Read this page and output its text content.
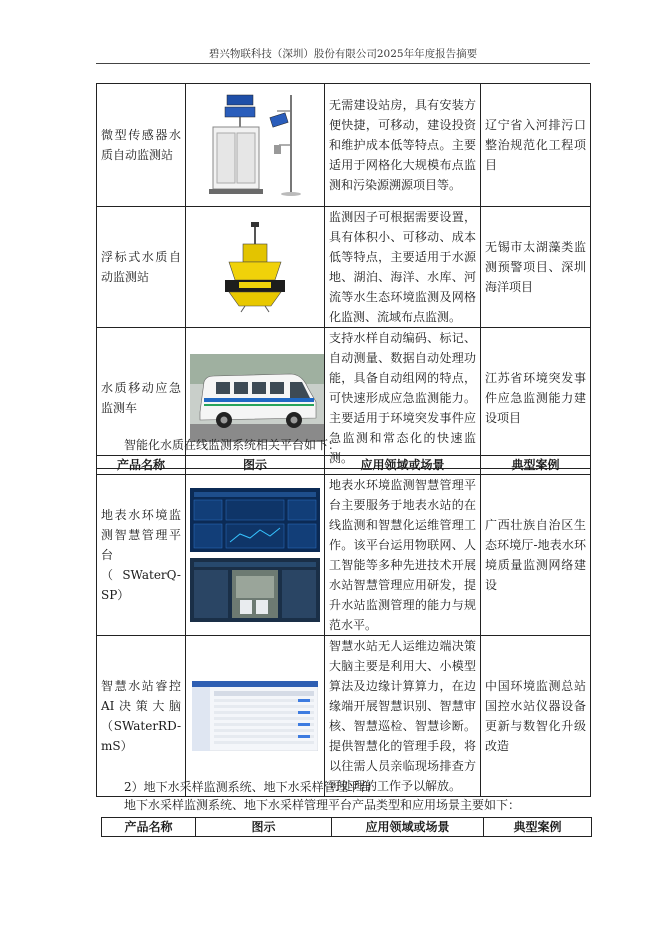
碧兴物联科技（深圳）股份有限公司2025年年度报告摘要
微型传感器水质自动监测站		无需建设站房，具有安装方便快捷，可移动，建设投资和维护成本低等特点。主要适用于网格化大规模布点监测和污染源溯源项目等。	辽宁省入河排污口整治规范化工程项目
浮标式水质自动监测站		监测因子可根据需要设置，具有体积小、可移动、成本低等特点，主要适用于水源地、湖泊、海洋、水库、河流等水生态环境监测及网格化监测、流域布点监测。	无锡市太湖藻类监测预警项目、深圳海洋项目
水质移动应急监测车		支持水样自动编码、标记、自动测量、数据自动处理功能，具备自动组网的特点，可快速形成应急监测能力。主要适用于环境突发事件应急监测和常态化的快速监测。	江苏省环境突发事件应急监测能力建设项目
智能化水质在线监测系统相关平台如下：
产品名称	图示	应用领域或场景	典型案例
地表水环境监测智慧管理平台（SWaterQ-SP）		地表水环境监测智慧管理平台主要服务于地表水站的在线监测和智慧化运维管理工作。该平台运用物联网、人工智能等多种先进技术开展水站智慧管理应用研发，提升水站监测管理的能力与规范水平。	广西壮族自治区生态环境厅-地表水环境质量监测网络建设
智慧水站睿控AI决策大脑（SWaterRD-mS）		智慧水站无人运维边端决策大脑主要是利用大、小模型算法及边缘计算算力，在边缘端开展智慧识别、智慧审核、智慧巡检、智慧诊断。提供智慧化的管理手段，将以往需人员亲临现场排查方可处理的工作予以解放。	中国环境监测总站国控水站仪器设备更新与数智化升级改造
2）地下水采样监测系统、地下水采样管理平台
地下水采样监测系统、地下水采样管理平台产品类型和应用场景主要如下：
产品名称	图示	应用领域或场景	典型案例
